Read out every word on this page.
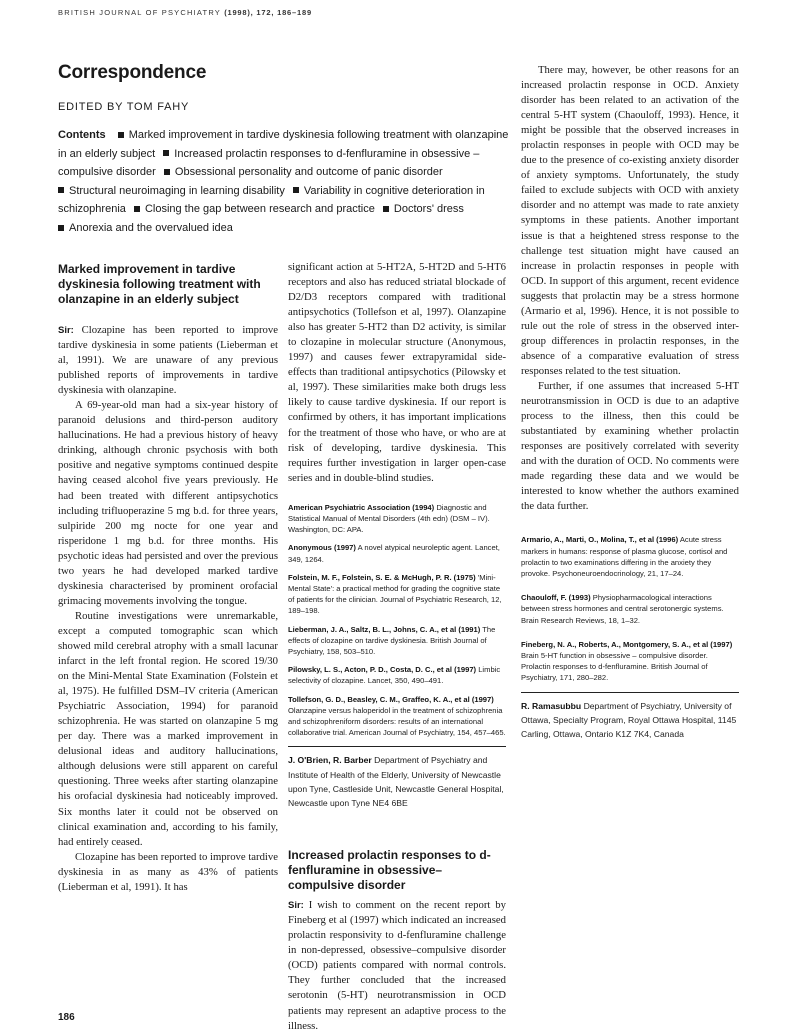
BRITISH JOURNAL OF PSYCHIATRY (1998), 172, 186–189
Correspondence
EDITED BY TOM FAHY
Contents Marked improvement in tardive dyskinesia following treatment with olanzapine in an elderly subject Increased prolactin responses to d-fenfluramine in obsessive – compulsive disorder Obsessional personality and outcome of panic disorder
Structural neuroimaging in learning disability Variability in cognitive deterioration in schizophrenia Closing the gap between research and practice Doctors' dress
Anorexia and the overvalued idea
Marked improvement in tardive dyskinesia following treatment with olanzapine in an elderly subject

Sir: Clozapine has been reported to improve tardive dyskinesia in some patients (Lieberman et al, 1991). We are unaware of any previous published reports of improvements in tardive dyskinesia with olanzapine.

A 69-year-old man had a six-year history of paranoid delusions and third-person auditory hallucinations. He had a previous history of heavy drinking, although chronic psychosis with both positive and negative symptoms continued despite having ceased alcohol five years previously. He had been treated with different antipsychotics including trifluoperazine 5 mg b.d. for three years, sulpiride 200 mg nocte for one year and risperidone 1 mg b.d. for three months. His psychotic ideas had persisted and over the previous two years he had developed marked tardive dyskinesia characterised by prominent orofacial grimacing movements involving the tongue.

Routine investigations were unremarkable, except a computed tomographic scan which showed mild cerebral atrophy with a small lacunar infarct in the left frontal region. He scored 19/30 on the Mini-Mental State Examination (Folstein et al, 1975). He fulfilled DSM–IV criteria (American Psychiatric Association, 1994) for paranoid schizophrenia. He was started on olanzapine 5 mg per day. There was a marked improvement in delusional ideas and auditory hallucinations, although delusions were still apparent on careful questioning. Three weeks after starting olanzapine his orofacial dyskinesia had noticeably improved. Six months later it could not be observed on clinical examination and, according to his family, had entirely ceased.

Clozapine has been reported to improve tardive dyskinesia in as many as 43% of patients (Lieberman et al, 1991). It has

significant action at 5-HT2A, 5-HT2D and 5-HT6 receptors and also has reduced striatal blockade of D2/D3 receptors compared with traditional antipsychotics (Tollefson et al, 1997). Olanzapine also has greater 5-HT2 than D2 activity, is similar to clozapine in molecular structure (Anonymous, 1997) and causes fewer extrapyramidal side-effects than traditional antipsychotics (Pilowsky et al, 1997). These similarities make both drugs less likely to cause tardive dyskinesia. If our report is confirmed by others, it has important implications for the treatment of those who have, or who are at risk of developing, tardive dyskinesia. This requires further investigation in larger open-case series and in double-blind studies.

American Psychiatric Association (1994) Diagnostic and Statistical Manual of Mental Disorders (4th edn) (DSM – IV). Washington, DC: APA.
Anonymous (1997) A novel atypical neuroleptic agent. Lancet, 349, 1264.
Folstein, M. F., Folstein, S. E. & McHugh, P. R. (1975) 'Mini-Mental State': a practical method for grading the cognitive state of patients for the clinician. Journal of Psychiatric Research, 12, 189–198.
Lieberman, J. A., Saltz, B. L., Johns, C. A., et al (1991) The effects of clozapine on tardive dyskinesia. British Journal of Psychiatry, 158, 503–510.
Pilowsky, L. S., Acton, P. D., Costa, D. C., et al (1997) Limbic selectivity of clozapine. Lancet, 350, 490–491.
Tollefson, G. D., Beasley, C. M., Graffeo, K. A., et al (1997) Olanzapine versus haloperidol in the treatment of schizophrenia and schizophreniform disorders: results of an international collaborative trial. American Journal of Psychiatry, 154, 457–465.
J. O'Brien, R. Barber Department of Psychiatry and Institute of Health of the Elderly, University of Newcastle upon Tyne, Castleside Unit, Newcastle General Hospital, Newcastle upon Tyne NE4 6BE
Increased prolactin responses to d-fenfluramine in obsessive–compulsive disorder

Sir: I wish to comment on the recent report by Fineberg et al (1997) which indicated an increased prolactin responsivity to d-fenfluramine challenge in non-depressed, obsessive–compulsive disorder (OCD) patients compared with normal controls. They further concluded that the increased serotonin (5-HT) neurotransmission in OCD patients may represent an adaptive process to the illness.

There may, however, be other reasons for an increased prolactin response in OCD. Anxiety disorder has been related to an activation of the central 5-HT system (Chaouloff, 1993). Hence, it might be possible that the observed increases in prolactin responses in people with OCD may be due to the presence of co-existing anxiety disorder of anxiety symptoms. Unfortunately, the study failed to exclude subjects with OCD with anxiety disorder and no attempt was made to rate anxiety symptoms in these patients. Another important issue is that a heightened stress response to the challenge test situation might have caused an increase in prolactin responses in people with OCD. In support of this argument, recent evidence suggests that prolactin may be a stress hormone (Armario et al, 1996). Hence, it is not possible to rule out the role of stress in the observed inter-group differences in prolactin responses, in the absence of a comparative evaluation of stress responses related to the test situation.

Further, if one assumes that increased 5-HT neurotransmission in OCD is due to an adaptive process to the illness, then this could be substantiated by examining whether prolactin responses are positively correlated with severity and with the duration of OCD. No comments were made regarding these data and we would be interested to know whether the authors examined the data further.

Armario, A., Marti, O., Molina, T., et al (1996) Acute stress markers in humans: response of plasma glucose, cortisol and prolactin to two examinations differing in the anxiety they provoke. Psychoneuroendocrinology, 21, 17–24.
Chaouloff, F. (1993) Physiopharmacological interactions between stress hormones and central serotonergic systems. Brain Research Reviews, 18, 1–32.
Fineberg, N. A., Roberts, A., Montgomery, S. A., et al (1997) Brain 5-HT function in obsessive – compulsive disorder. Prolactin responses to d-fenfluramine. British Journal of Psychiatry, 171, 280–282.
R. Ramasubbu Department of Psychiatry, University of Ottawa, Specialty Program, Royal Ottawa Hospital, 1145 Carling, Ottawa, Ontario K1Z 7K4, Canada
186
